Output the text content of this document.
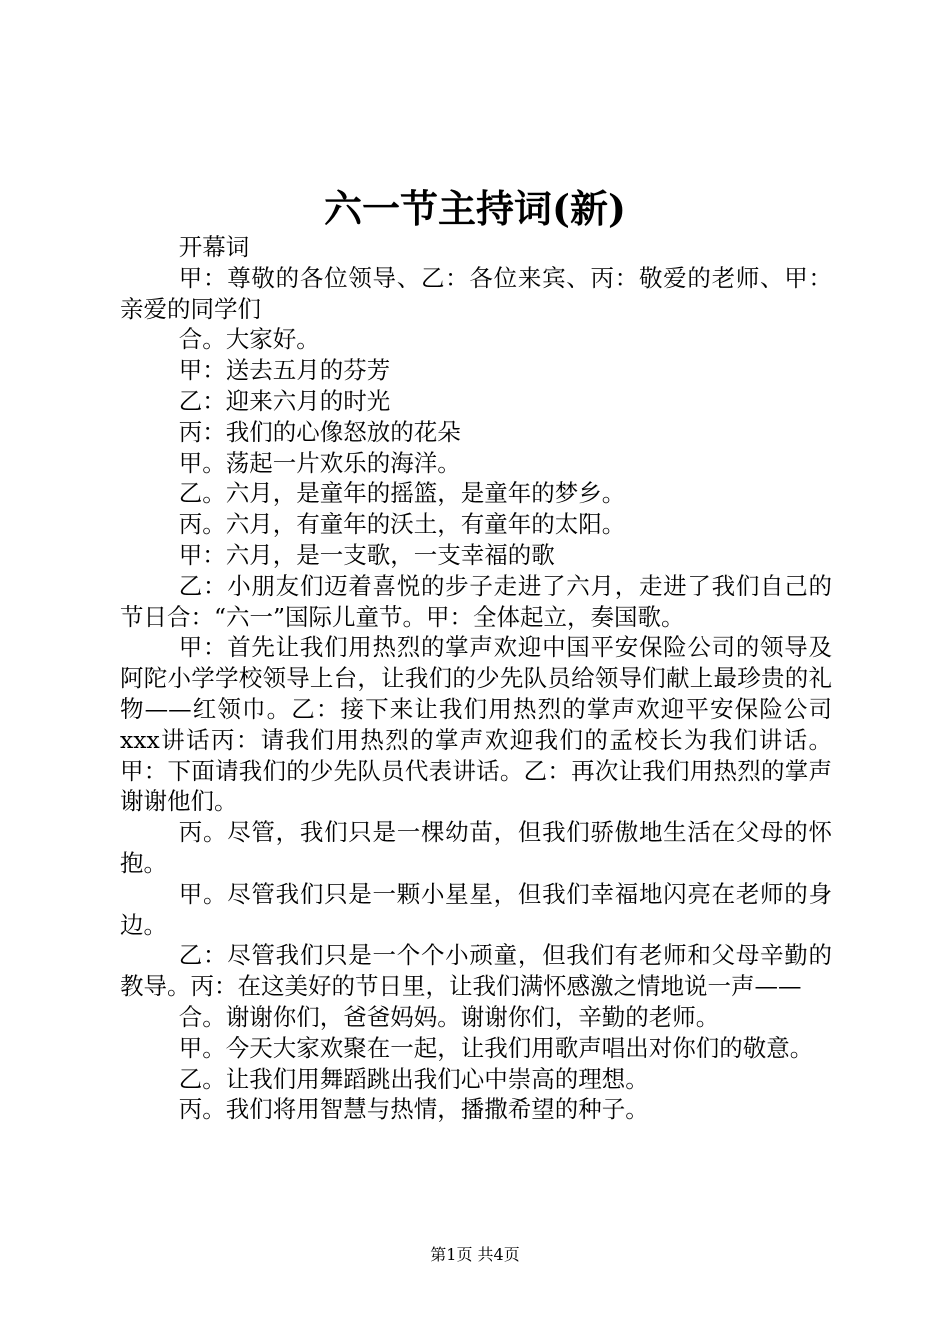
六一节主持词(新)

开幕词

甲：尊敬的各位领导、乙：各位来宾、丙：敬爱的老师、甲：亲爱的同学们

合。大家好。

甲：送去五月的芬芳

乙：迎来六月的时光

丙：我们的心像怒放的花朵

甲。荡起一片欢乐的海洋。

乙。六月，是童年的摇篮，是童年的梦乡。

丙。六月，有童年的沃土，有童年的太阳。

甲：六月，是一支歌，一支幸福的歌

乙：小朋友们迈着喜悦的步子走进了六月，走进了我们自己的节日合：“六一”国际儿童节。甲：全体起立，奏国歌。

甲：首先让我们用热烈的掌声欢迎中国平安保险公司的领导及阿陀小学学校领导上台，让我们的少先队员给领导们献上最珍贵的礼物——红领巾。乙：接下来让我们用热烈的掌声欢迎平安保险公司xxx讲话丙：请我们用热烈的掌声欢迎我们的孟校长为我们讲话。甲：下面请我们的少先队员代表讲话。乙：再次让我们用热烈的掌声谢谢他们。

丙。尽管，我们只是一棵幼苗，但我们骄傲地生活在父母的怀抱。

甲。尽管我们只是一颗小星星，但我们幸福地闪亮在老师的身边。

乙：尽管我们只是一个个小顽童，但我们有老师和父母辛勤的教导。丙：在这美好的节日里，让我们满怀感激之情地说一声——

合。谢谢你们，爸爸妈妈。谢谢你们，辛勤的老师。

甲。今天大家欢聚在一起，让我们用歌声唱出对你们的敬意。

乙。让我们用舞蹈跳出我们心中崇高的理想。

丙。我们将用智慧与热情，播撒希望的种子。

第1页 共4页
